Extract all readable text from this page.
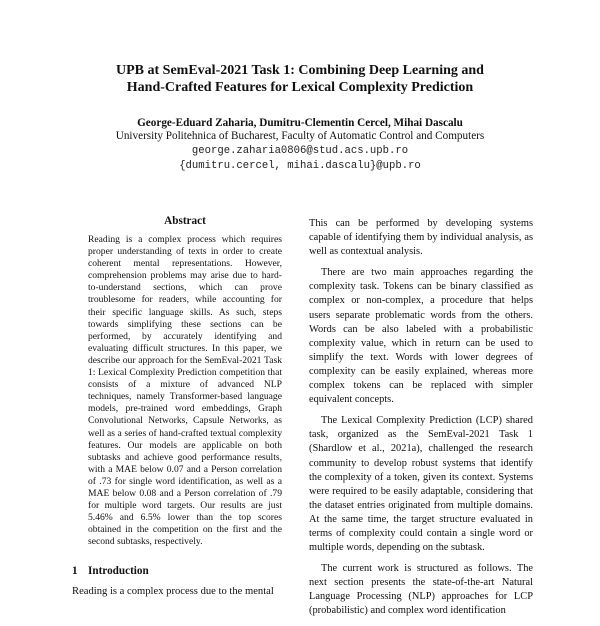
UPB at SemEval-2021 Task 1: Combining Deep Learning and
Hand-Crafted Features for Lexical Complexity Prediction
George-Eduard Zaharia, Dumitru-Clementin Cercel, Mihai Dascalu
University Politehnica of Bucharest, Faculty of Automatic Control and Computers
george.zaharia0806@stud.acs.upb.ro
{dumitru.cercel, mihai.dascalu}@upb.ro
Abstract

Reading is a complex process which requires proper understanding of texts in order to create coherent mental representations. However, comprehension problems may arise due to hard-to-understand sections, which can prove troublesome for readers, while accounting for their specific language skills. As such, steps towards simplifying these sections can be performed, by accurately identifying and evaluating difficult structures. In this paper, we describe our approach for the SemEval-2021 Task 1: Lexical Complexity Prediction competition that consists of a mixture of advanced NLP techniques, namely Transformer-based language models, pre-trained word embeddings, Graph Convolutional Networks, Capsule Networks, as well as a series of hand-crafted textual complexity features. Our models are applicable on both subtasks and achieve good performance results, with a MAE below 0.07 and a Person correlation of .73 for single word identification, as well as a MAE below 0.08 and a Person correlation of .79 for multiple word targets. Our results are just 5.46% and 6.5% lower than the top scores obtained in the competition on the first and the second subtasks, respectively.

1 Introduction

Reading is a complex process due to the mental

This can be performed by developing systems capable of identifying them by individual analysis, as well as contextual analysis.

There are two main approaches regarding the complexity task. Tokens can be binary classified as complex or non-complex, a procedure that helps users separate problematic words from the others. Words can be also labeled with a probabilistic complexity value, which in return can be used to simplify the text. Words with lower degrees of complexity can be easily explained, whereas more complex tokens can be replaced with simpler equivalent concepts.

The Lexical Complexity Prediction (LCP) shared task, organized as the SemEval-2021 Task 1 (Shardlow et al., 2021a), challenged the research community to develop robust systems that identify the complexity of a token, given its context. Systems were required to be easily adaptable, considering that the dataset entries originated from multiple domains. At the same time, the target structure evaluated in terms of complexity could contain a single word or multiple words, depending on the subtask.

The current work is structured as follows. The next section presents the state-of-the-art Natural Language Processing (NLP) approaches for LCP (probabilistic) and complex word identification
